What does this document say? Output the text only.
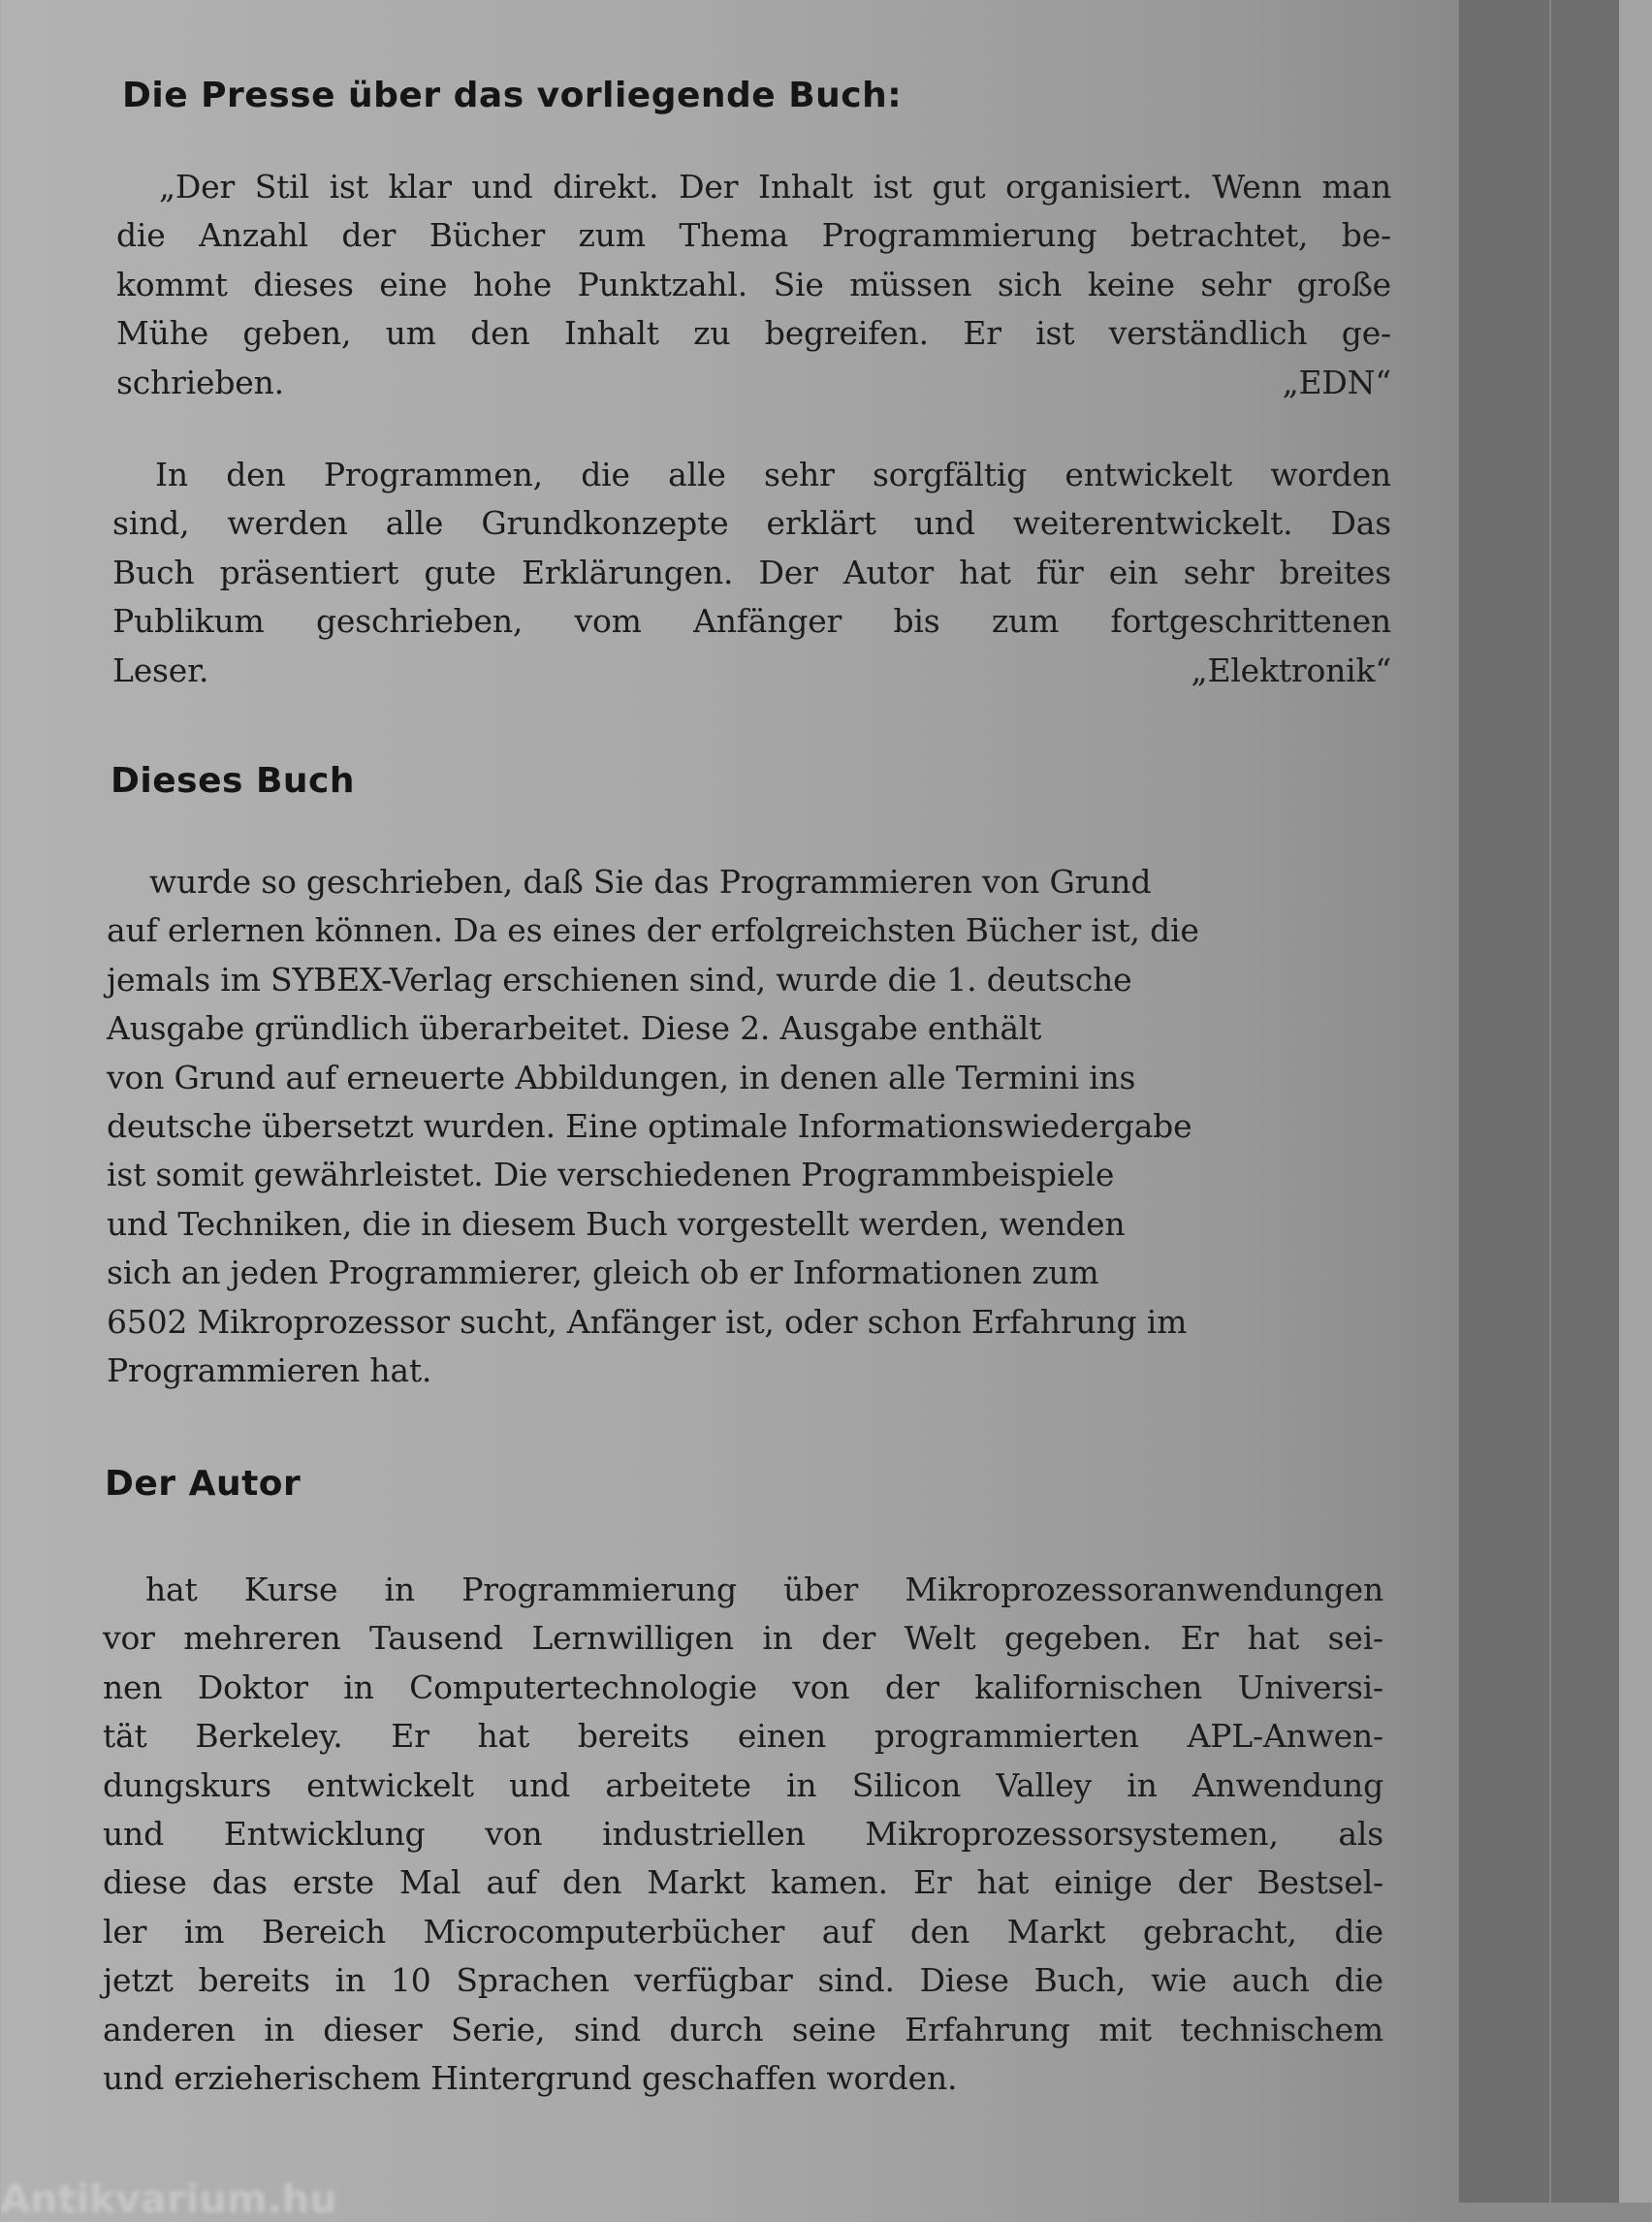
Die Presse über das vorliegende Buch:
„Der Stil ist klar und direkt. Der Inhalt ist gut organisiert. Wenn man
die Anzahl der Bücher zum Thema Programmierung betrachtet, be-
kommt dieses eine hohe Punktzahl. Sie müssen sich keine sehr große
Mühe geben, um den Inhalt zu begreifen. Er ist verständlich ge-
schrieben.	„EDN“
In den Programmen, die alle sehr sorgfältig entwickelt worden
sind, werden alle Grundkonzepte erklärt und weiterentwickelt. Das
Buch präsentiert gute Erklärungen. Der Autor hat für ein sehr breites
Publikum geschrieben, vom Anfänger bis zum fortgeschrittenen
Leser.	„Elektronik“
Dieses Buch
wurde so geschrieben, daß Sie das Programmieren von Grund
auf erlernen können. Da es eines der erfolgreichsten Bücher ist, die
jemals im SYBEX-Verlag erschienen sind, wurde die 1. deutsche
Ausgabe gründlich überarbeitet. Diese 2. Ausgabe enthält
von Grund auf erneuerte Abbildungen, in denen alle Termini ins
deutsche übersetzt wurden. Eine optimale Informationswiedergabe
ist somit gewährleistet. Die verschiedenen Programmbeispiele
und Techniken, die in diesem Buch vorgestellt werden, wenden
sich an jeden Programmierer, gleich ob er Informationen zum
6502 Mikroprozessor sucht, Anfänger ist, oder schon Erfahrung im
Programmieren hat.
Der Autor
hat Kurse in Programmierung über Mikroprozessoranwendungen
vor mehreren Tausend Lernwilligen in der Welt gegeben. Er hat sei-
nen Doktor in Computertechnologie von der kalifornischen Universi-
tät Berkeley. Er hat bereits einen programmierten APL-Anwen-
dungskurs entwickelt und arbeitete in Silicon Valley in Anwendung
und Entwicklung von industriellen Mikroprozessorsystemen, als
diese das erste Mal auf den Markt kamen. Er hat einige der Bestsel-
ler im Bereich Microcomputerbücher auf den Markt gebracht, die
jetzt bereits in 10 Sprachen verfügbar sind. Diese Buch, wie auch die
anderen in dieser Serie, sind durch seine Erfahrung mit technischem
und erzieherischem Hintergrund geschaffen worden.
Antikvarium.hu
